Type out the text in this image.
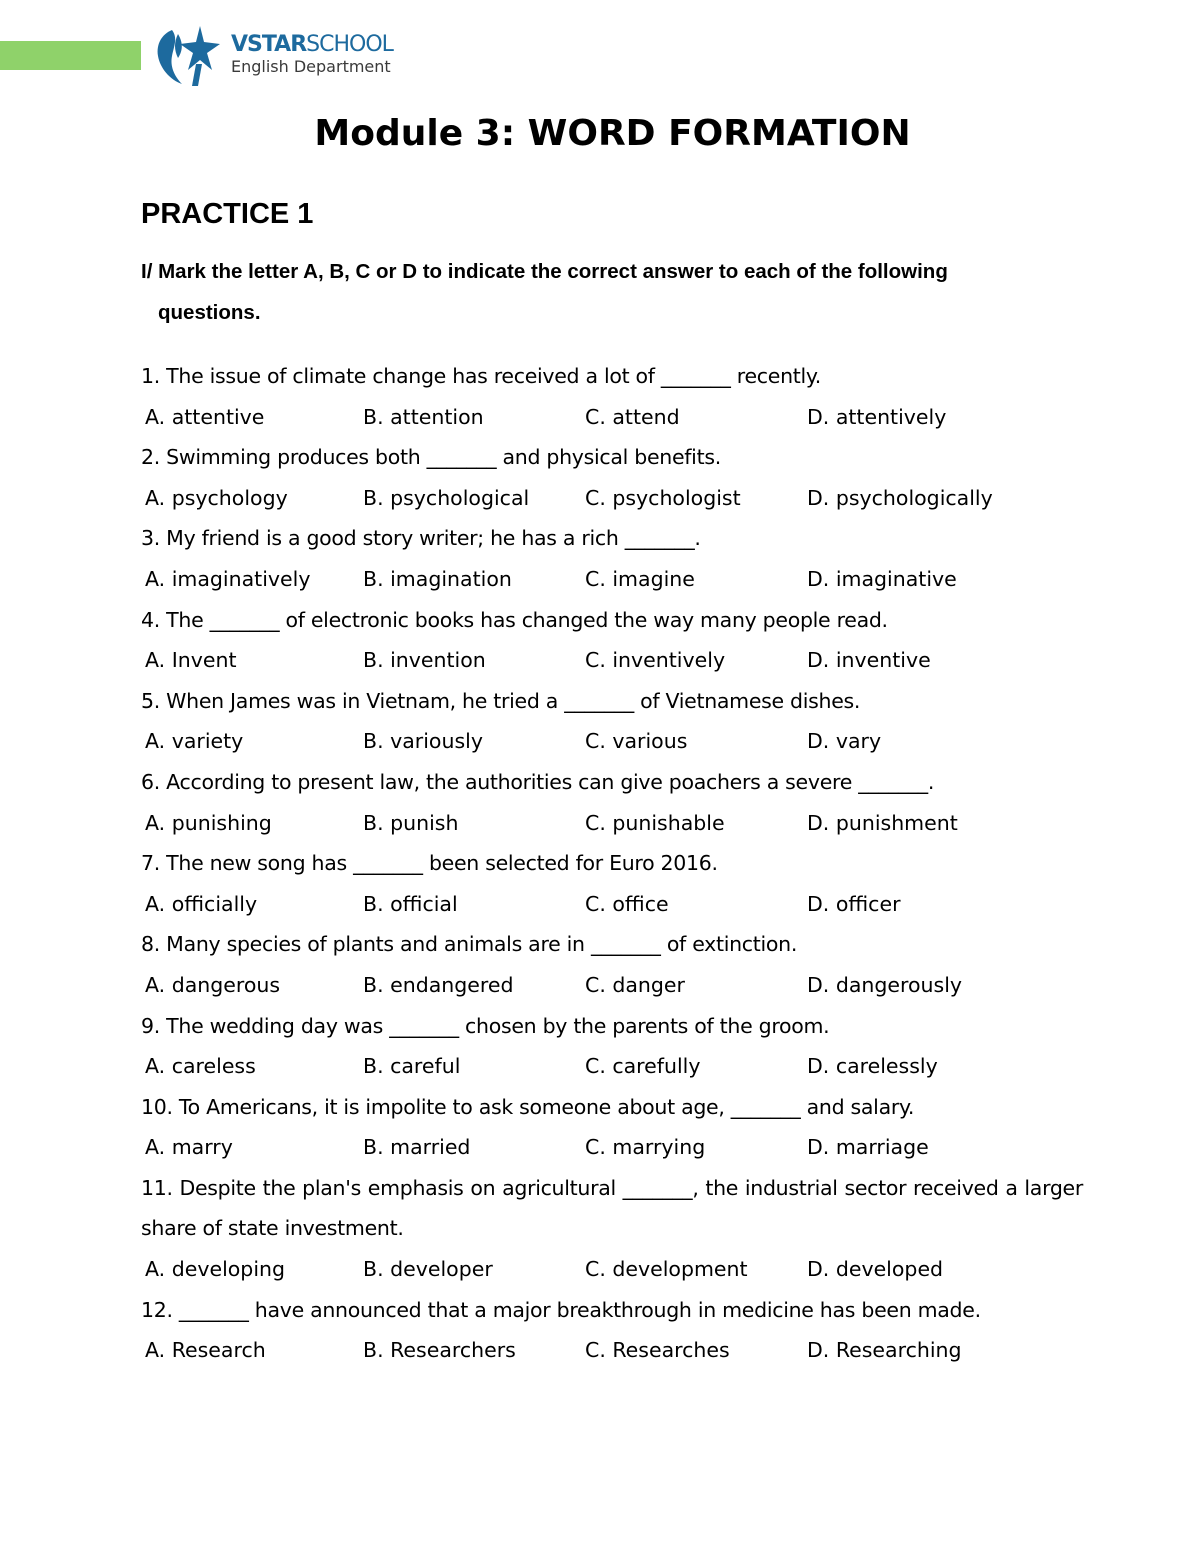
VSTARSCHOOL
English Department
Module 3: WORD FORMATION
PRACTICE 1
I/ Mark the letter A, B, C or D to indicate the correct answer to each of the following
questions.
1. The issue of climate change has received a lot of _______ recently.
A. attentive	B. attention	C. attend	D. attentively
2. Swimming produces both _______ and physical benefits.
A. psychology	B. psychological	C. psychologist	D. psychologically
3. My friend is a good story writer; he has a rich _______.
A. imaginatively	B. imagination	C. imagine	D. imaginative
4. The _______ of electronic books has changed the way many people read.
A. Invent	B. invention	C. inventively	D. inventive
5. When James was in Vietnam, he tried a _______ of Vietnamese dishes.
A. variety	B. variously	C. various	D. vary
6. According to present law, the authorities can give poachers a severe _______.
A. punishing	B. punish	C. punishable	D. punishment
7. The new song has _______ been selected for Euro 2016.
A. officially	B. official	C. office	D. officer
8. Many species of plants and animals are in _______ of extinction.
A. dangerous	B. endangered	C. danger	D. dangerously
9. The wedding day was _______ chosen by the parents of the groom.
A. careless	B. careful	C. carefully	D. carelessly
10. To Americans, it is impolite to ask someone about age, _______ and salary.
A. marry	B. married	C. marrying	D. marriage
11. Despite the plan's emphasis on agricultural _______, the industrial sector received a larger share of state investment.
A. developing	B. developer	C. development	D. developed
12. _______ have announced that a major breakthrough in medicine has been made.
A. Research	B. Researchers	C. Researches	D. Researching
